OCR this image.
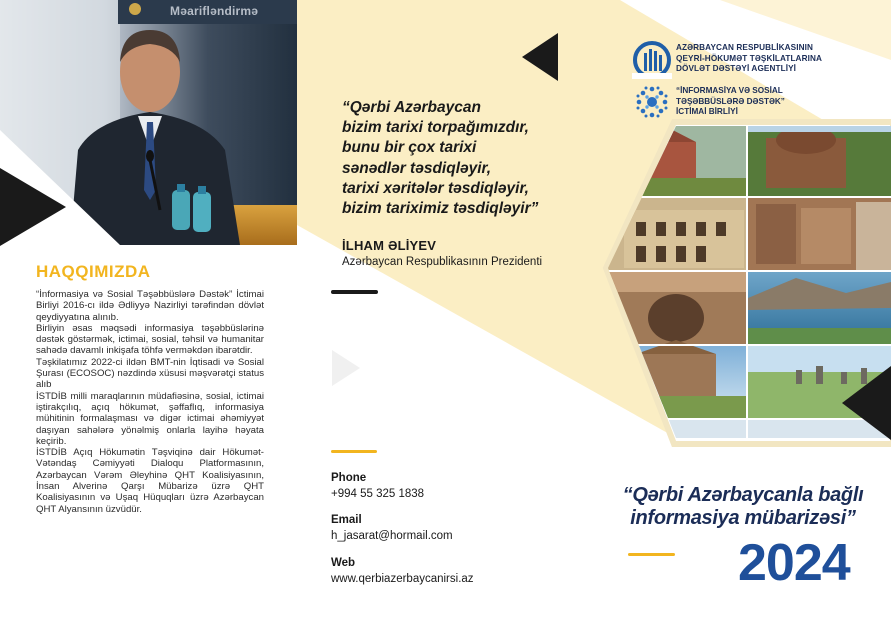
Məarifləndirmə
HAQQIMIZDA

“İnformasiya və Sosial Təşəbbüslərə Dəstək” İctimai Birliyi 2016-cı ildə Ədliyyə Nazirliyi tərəfindən dövlət qeydiyyatına alınıb.

Birliyin əsas məqsədi informasiya təşəbbüslərinə dəstək göstərmək, ictimai, sosial, təhsil və humanitar sahədə davamlı inkişafa töhfə verməkdən ibarətdir.

Təşkilatımız 2022-ci ildən BMT-nin İqtisadi və Sosial Şurası (ECOSOC) nəzdində xüsusi məşvərətçi status alıb

İSTDİB milli maraqlarının müdafiəsinə, sosial, ictimai iştirakçılıq, açıq hökumət, şəffaflıq, informasiya mühitinin formalaşması və digər ictimai əhəmiyyət daşıyan sahələrə yönəlmiş onlarla layihə həyata keçirib.

İSTDİB Açıq Hökumətin Təşviqinə dair Hökumət-Vətəndaş Cəmiyyəti Dialoqu Platformasının, Azərbaycan Vərəm Əleyhinə QHT Koalisiyasının, İnsan Alverinə Qarşı Mübarizə üzrə QHT Koalisiyasının və Uşaq Hüquqları üzrə Azərbaycan QHT Alyansının üzvüdür.

“Qərbi Azərbaycan
bizim tarixi torpağımızdır,
bunu bir çox tarixi
sənədlər təsdiqləyir,
tarixi xəritələr təsdiqləyir,
bizim tariximiz təsdiqləyir”
İLHAM ƏLİYEV
Azərbaycan Respublikasının Prezidenti
Phone
+994 55 325 1838
Email
h_jasarat@hormail.com
Web
www.qerbiazerbaycanirsi.az
AZƏRBAYCAN RESPUBLİKASININ
QEYRİ-HÖKUMƏT TƏŞKİLATLARINA
DÖVLƏT DƏSTƏYİ AGENTLİYİ
“İNFORMASİYA VƏ SOSİAL
TƏŞƏBBÜSLƏRƏ DƏSTƏK”
İCTİMAİ BİRLİYİ
“Qərbi Azərbaycanla bağlı
informasiya mübarizəsi”
2024
